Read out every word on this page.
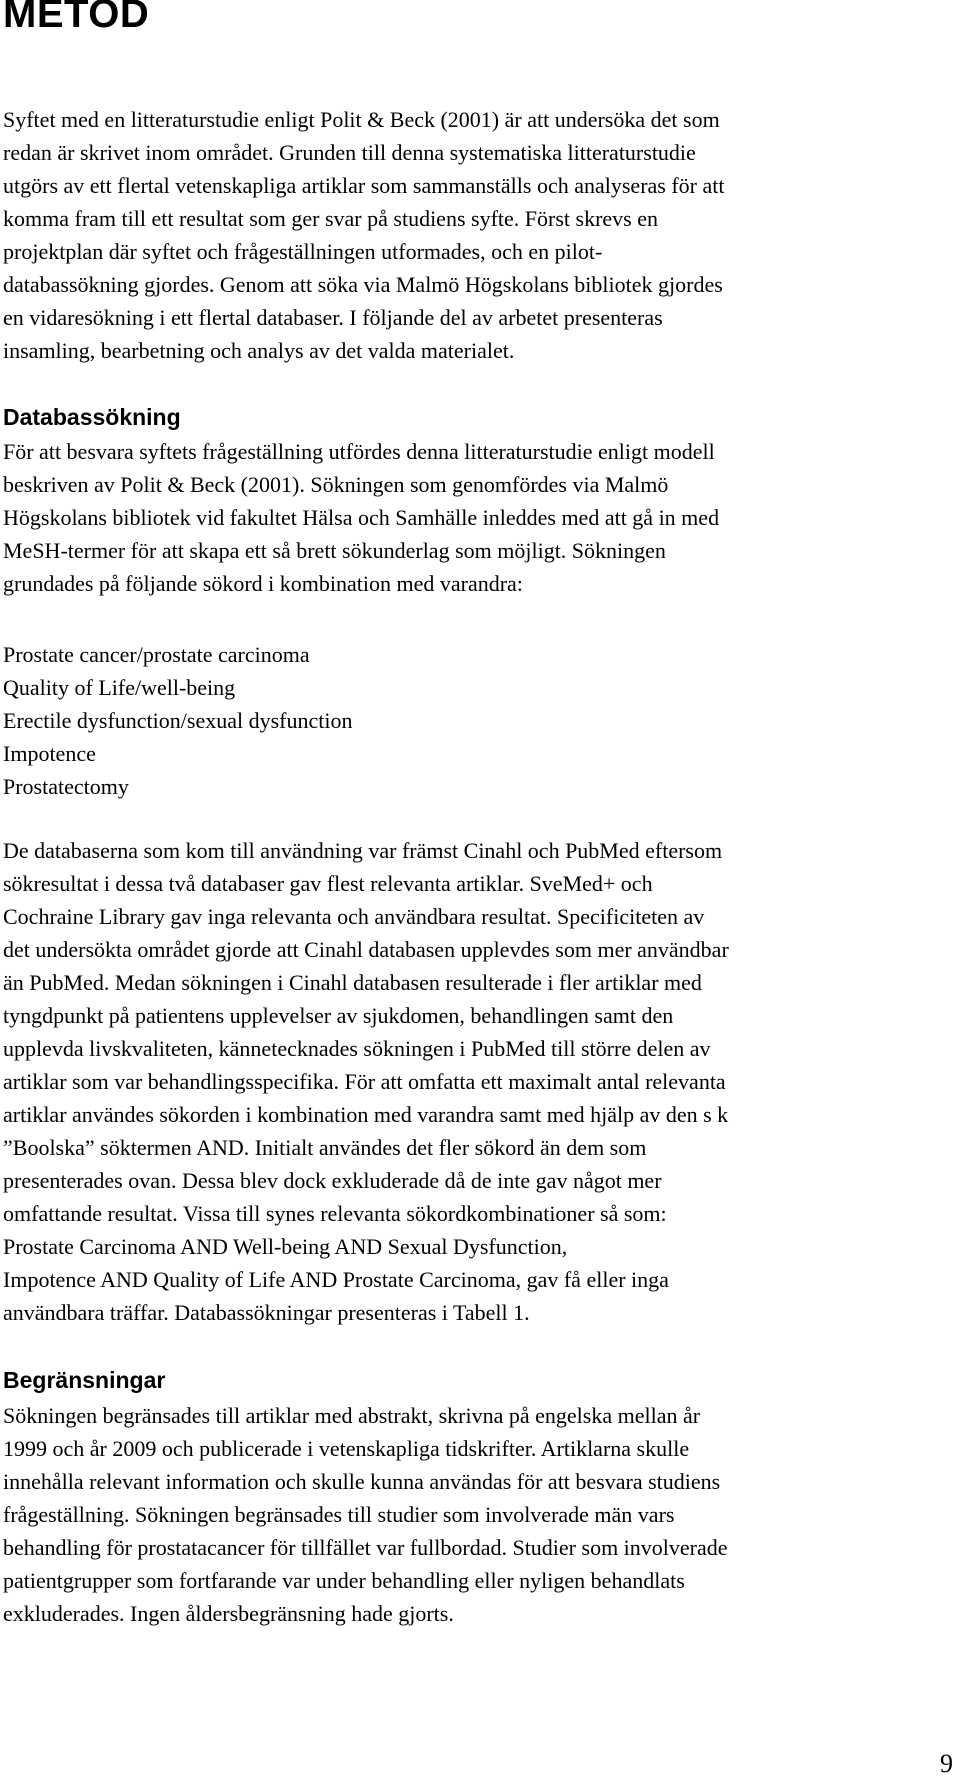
METOD

Syftet med en litteraturstudie enligt Polit & Beck (2001) är att undersöka det som
redan är skrivet inom området. Grunden till denna systematiska litteraturstudie
utgörs av ett flertal vetenskapliga artiklar som sammanställs och analyseras för att
komma fram till ett resultat som ger svar på studiens syfte. Först skrevs en
projektplan där syftet och frågeställningen utformades, och en pilot-
databassökning gjordes. Genom att söka via Malmö Högskolans bibliotek gjordes
en vidaresökning i ett flertal databaser. I följande del av arbetet presenteras
insamling, bearbetning och analys av det valda materialet.

Databassökning

För att besvara syftets frågeställning utfördes denna litteraturstudie enligt modell
beskriven av Polit & Beck (2001). Sökningen som genomfördes via Malmö
Högskolans bibliotek vid fakultet Hälsa och Samhälle inleddes med att gå in med
MeSH-termer för att skapa ett så brett sökunderlag som möjligt. Sökningen
grundades på följande sökord i kombination med varandra:

Prostate cancer/prostate carcinoma
Quality of Life/well-being
Erectile dysfunction/sexual dysfunction
Impotence
Prostatectomy

De databaserna som kom till användning var främst Cinahl och PubMed eftersom
sökresultat i dessa två databaser gav flest relevanta artiklar. SveMed+ och
Cochraine Library gav inga relevanta och användbara resultat. Specificiteten av
det undersökta området gjorde att Cinahl databasen upplevdes som mer användbar
än PubMed. Medan sökningen i Cinahl databasen resulterade i fler artiklar med
tyngdpunkt på patientens upplevelser av sjukdomen, behandlingen samt den
upplevda livskvaliteten, kännetecknades sökningen i PubMed till större delen av
artiklar som var behandlingsspecifika. För att omfatta ett maximalt antal relevanta
artiklar användes sökorden i kombination med varandra samt med hjälp av den s k
”Boolska” söktermen AND. Initialt användes det fler sökord än dem som
presenterades ovan. Dessa blev dock exkluderade då de inte gav något mer
omfattande resultat. Vissa till synes relevanta sökordkombinationer så som:
Prostate Carcinoma AND Well-being AND Sexual Dysfunction,
Impotence AND Quality of Life AND Prostate Carcinoma, gav få eller inga
användbara träffar. Databassökningar presenteras i Tabell 1.

Begränsningar

Sökningen begränsades till artiklar med abstrakt, skrivna på engelska mellan år
1999 och år 2009 och publicerade i vetenskapliga tidskrifter. Artiklarna skulle
innehålla relevant information och skulle kunna användas för att besvara studiens
frågeställning. Sökningen begränsades till studier som involverade män vars
behandling för prostatacancer för tillfället var fullbordad. Studier som involverade
patientgrupper som fortfarande var under behandling eller nyligen behandlats
exkluderades. Ingen åldersbegränsning hade gjorts.

9
